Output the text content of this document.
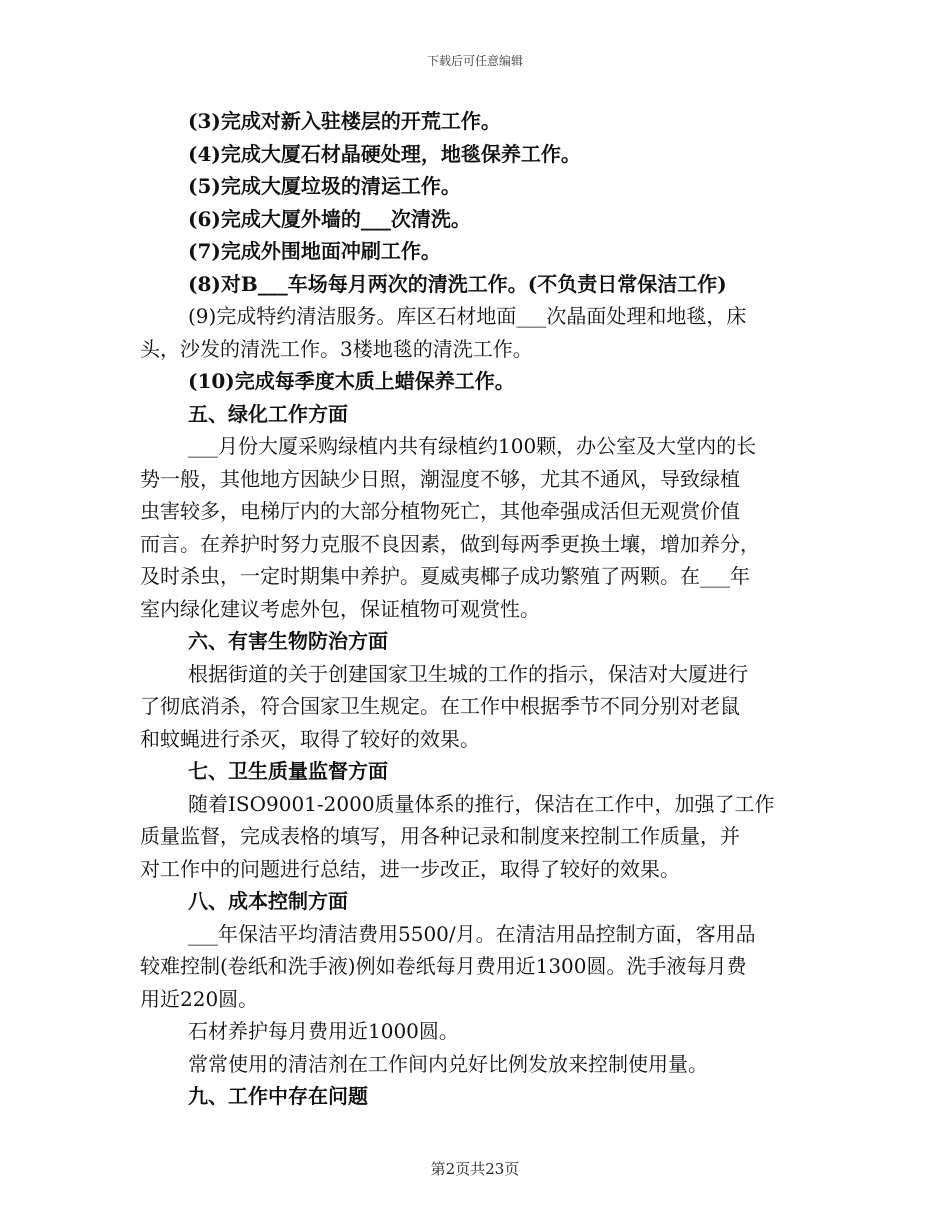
下载后可任意编辑
(3)完成对新入驻楼层的开荒工作。
(4)完成大厦石材晶硬处理，地毯保养工作。
(5)完成大厦垃圾的清运工作。
(6)完成大厦外墙的___次清洗。
(7)完成外围地面冲刷工作。
(8)对B___车场每月两次的清洗工作。(不负责日常保洁工作)
(9)完成特约清洁服务。库区石材地面___次晶面处理和地毯，床
头，沙发的清洗工作。3楼地毯的清洗工作。
(10)完成每季度木质上蜡保养工作。
五、绿化工作方面
___月份大厦采购绿植内共有绿植约100颗，办公室及大堂内的长
势一般，其他地方因缺少日照，潮湿度不够，尤其不通风，导致绿植
虫害较多，电梯厅内的大部分植物死亡，其他牵强成活但无观赏价值
而言。在养护时努力克服不良因素，做到每两季更换土壤，增加养分，
及时杀虫，一定时期集中养护。夏威夷椰子成功繁殖了两颗。在___年
室内绿化建议考虑外包，保证植物可观赏性。
六、有害生物防治方面
根据街道的关于创建国家卫生城的工作的指示，保洁对大厦进行
了彻底消杀，符合国家卫生规定。在工作中根据季节不同分别对老鼠
和蚊蝇进行杀灭，取得了较好的效果。
七、卫生质量监督方面
随着ISO9001-2000质量体系的推行，保洁在工作中，加强了工作
质量监督，完成表格的填写，用各种记录和制度来控制工作质量，并
对工作中的问题进行总结，进一步改正，取得了较好的效果。
八、成本控制方面
___年保洁平均清洁费用5500/月。在清洁用品控制方面，客用品
较难控制(卷纸和洗手液)例如卷纸每月费用近1300圆。洗手液每月费
用近220圆。
石材养护每月费用近1000圆。
常常使用的清洁剂在工作间内兑好比例发放来控制使用量。
九、工作中存在问题
第2页共23页
